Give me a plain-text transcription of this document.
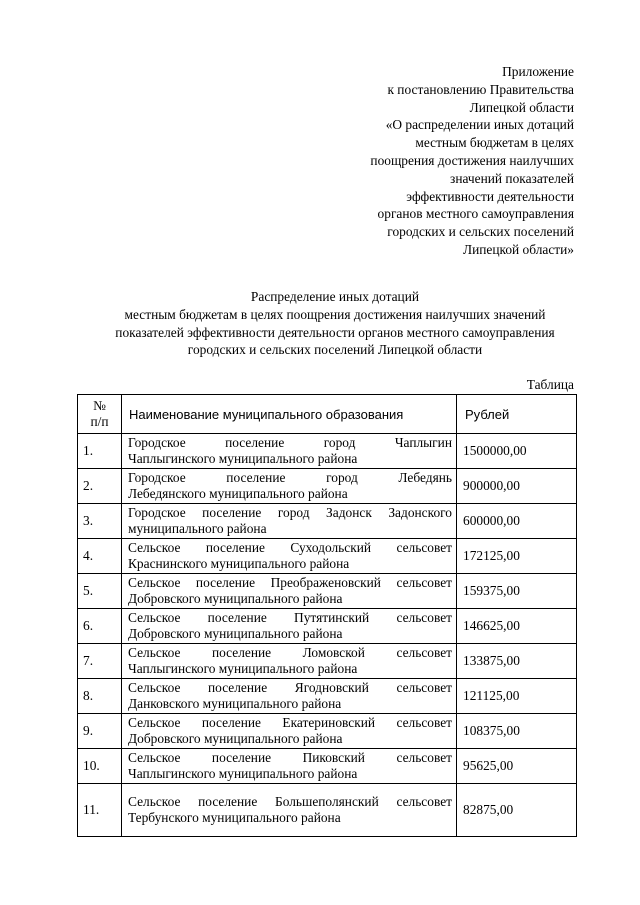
Приложение
к постановлению Правительства
Липецкой области
«О распределении иных дотаций
местным бюджетам в целях
поощрения достижения наилучших
значений показателей
эффективности деятельности
органов местного самоуправления
городских и сельских поселений
Липецкой области»
Распределение иных дотаций
местным бюджетам в целях поощрения достижения наилучших значений
показателей эффективности деятельности органов местного самоуправления
городских и сельских поселений Липецкой области
Таблица
№
п/п	Наименование муниципального образования	Рублей
1.	Городское поселение город Чаплыгин
Чаплыгинского муниципального района	1500000,00
2.	Городское поселение город Лебедянь
Лебедянского муниципального района	900000,00
3.	Городское поселение город Задонск Задонского
муниципального района	600000,00
4.	Сельское поселение Суходольский сельсовет
Краснинского муниципального района	172125,00
5.	Сельское поселение Преображеновский сельсовет
Добровского муниципального района	159375,00
6.	Сельское поселение Путятинский сельсовет
Добровского муниципального района	146625,00
7.	Сельское поселение Ломовской сельсовет
Чаплыгинского муниципального района	133875,00
8.	Сельское поселение Ягодновский сельсовет
Данковского муниципального района	121125,00
9.	Сельское поселение Екатериновский сельсовет
Добровского муниципального района	108375,00
10.	Сельское поселение Пиковский сельсовет
Чаплыгинского муниципального района	95625,00
11.	Сельское поселение Большеполянский сельсовет
Тербунского муниципального района	82875,00
